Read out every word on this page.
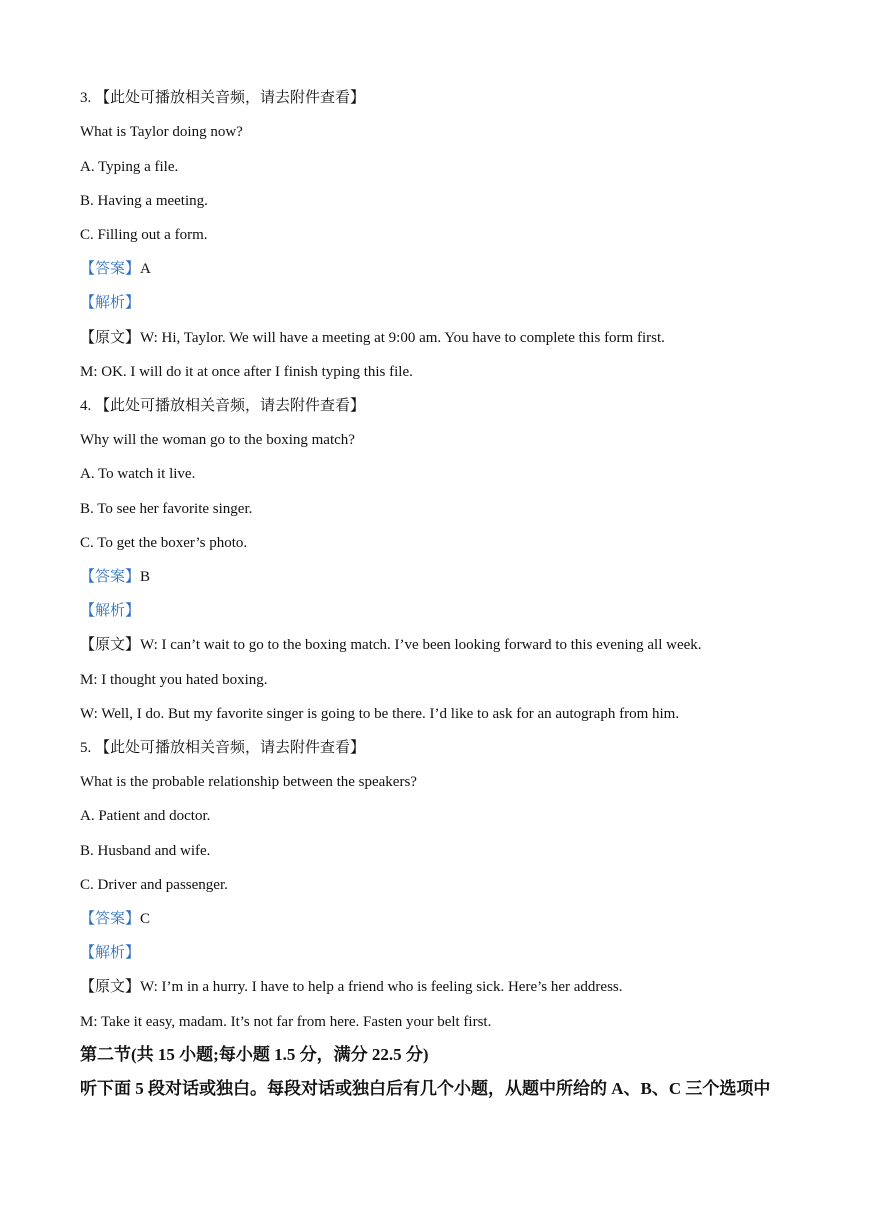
3. 【此处可播放相关音频，请去附件查看】
What is Taylor doing now?
A. Typing a file.
B. Having a meeting.
C. Filling out a form.
【答案】A
【解析】
【原文】W: Hi, Taylor. We will have a meeting at 9:00 am. You have to complete this form first.
M: OK. I will do it at once after I finish typing this file.
4. 【此处可播放相关音频，请去附件查看】
Why will the woman go to the boxing match?
A. To watch it live.
B. To see her favorite singer.
C. To get the boxer’s photo.
【答案】B
【解析】
【原文】W: I can’t wait to go to the boxing match. I’ve been looking forward to this evening all week.
M: I thought you hated boxing.
W: Well, I do. But my favorite singer is going to be there. I’d like to ask for an autograph from him.
5. 【此处可播放相关音频，请去附件查看】
What is the probable relationship between the speakers?
A. Patient and doctor.
B. Husband and wife.
C. Driver and passenger.
【答案】C
【解析】
【原文】W: I’m in a hurry. I have to help a friend who is feeling sick. Here’s her address.
M: Take it easy, madam. It’s not far from here. Fasten your belt first.
第二节(共 15 小题;每小题 1.5 分，满分 22.5 分)
听下面 5 段对话或独白。每段对话或独白后有几个小题，从题中所给的 A、B、C 三个选项中
